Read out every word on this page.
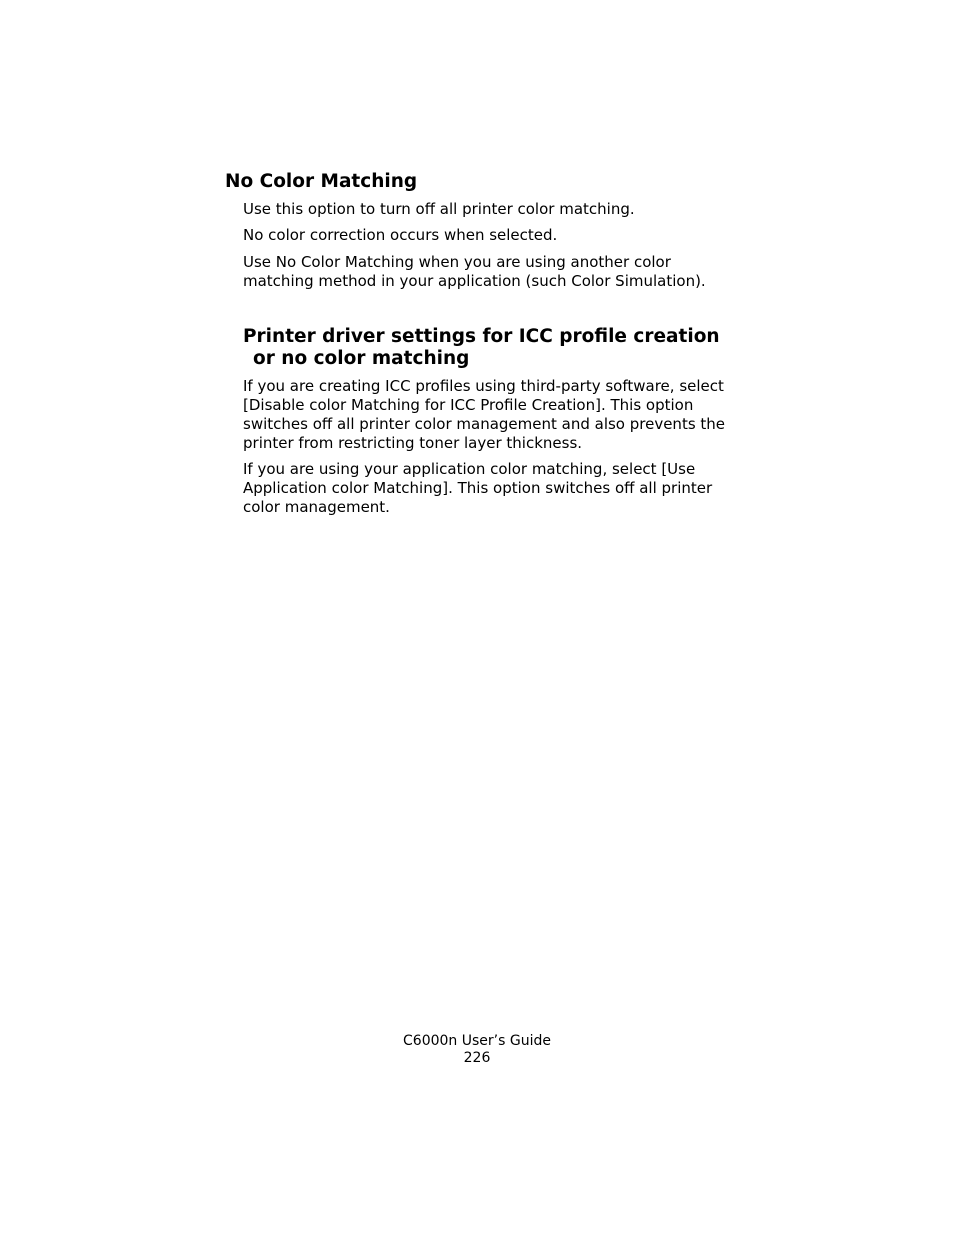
No Color Matching

Use this option to turn off all printer color matching.

No color correction occurs when selected.

Use No Color Matching when you are using another color matching method in your application (such Color Simulation).

Printer driver settings for ICC profile creation
or no color matching

If you are creating ICC profiles using third-party software, select [Disable color Matching for ICC Profile Creation]. This option switches off all printer color management and also prevents the printer from restricting toner layer thickness.

If you are using your application color matching, select [Use Application color Matching]. This option switches off all printer color management.

C6000n User’s Guide
226
